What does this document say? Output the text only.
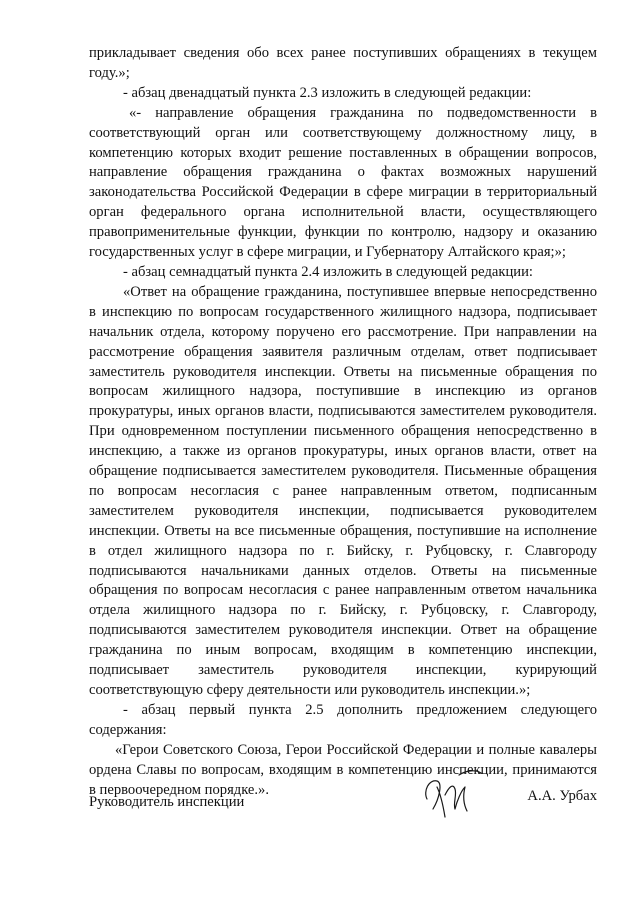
прикладывает сведения обо всех ранее поступивших обращениях в текущем году.»;

- абзац двенадцатый пункта 2.3 изложить в следующей редакции:

«- направление обращения гражданина по подведомственности в соответствующий орган или соответствующему должностному лицу, в компетенцию которых входит решение поставленных в обращении вопросов, направление обращения гражданина о фактах возможных нарушений законодательства Российской Федерации в сфере миграции в территориальный орган федерального органа исполнительной власти, осуществляющего правоприменительные функции, функции по контролю, надзору и оказанию государственных услуг в сфере миграции, и Губернатору Алтайского края;»;

- абзац семнадцатый пункта 2.4 изложить в следующей редакции:

«Ответ на обращение гражданина, поступившее впервые непосредственно в инспекцию по вопросам государственного жилищного надзора, подписывает начальник отдела, которому поручено его рассмотрение. При направлении на рассмотрение обращения заявителя различным отделам, ответ подписывает заместитель руководителя инспекции. Ответы на письменные обращения по вопросам жилищного надзора, поступившие в инспекцию из органов прокуратуры, иных органов власти, подписываются заместителем руководителя. При одновременном поступлении письменного обращения непосредственно в инспекцию, а также из органов прокуратуры, иных органов власти, ответ на обращение подписывается заместителем руководителя. Письменные обращения по вопросам несогласия с ранее направленным ответом, подписанным заместителем руководителя инспекции, подписывается руководителем инспекции. Ответы на все письменные обращения, поступившие на исполнение в отдел жилищного надзора по г. Бийску, г. Рубцовску, г. Славгороду подписываются начальниками данных отделов. Ответы на письменные обращения по вопросам несогласия с ранее направленным ответом начальника отдела жилищного надзора по г. Бийску, г. Рубцовску, г. Славгороду, подписываются заместителем руководителя инспекции. Ответ на обращение гражданина по иным вопросам, входящим в компетенцию инспекции, подписывает заместитель руководителя инспекции, курирующий соответствующую сферу деятельности или руководитель инспекции.»;

- абзац первый пункта 2.5 дополнить предложением следующего содержания:

«Герои Советского Союза, Герои Российской Федерации и полные кавалеры ордена Славы по вопросам, входящим в компетенцию инспекции, принимаются в первоочередном порядке.».

Руководитель инспекции	А.А. Урбах
